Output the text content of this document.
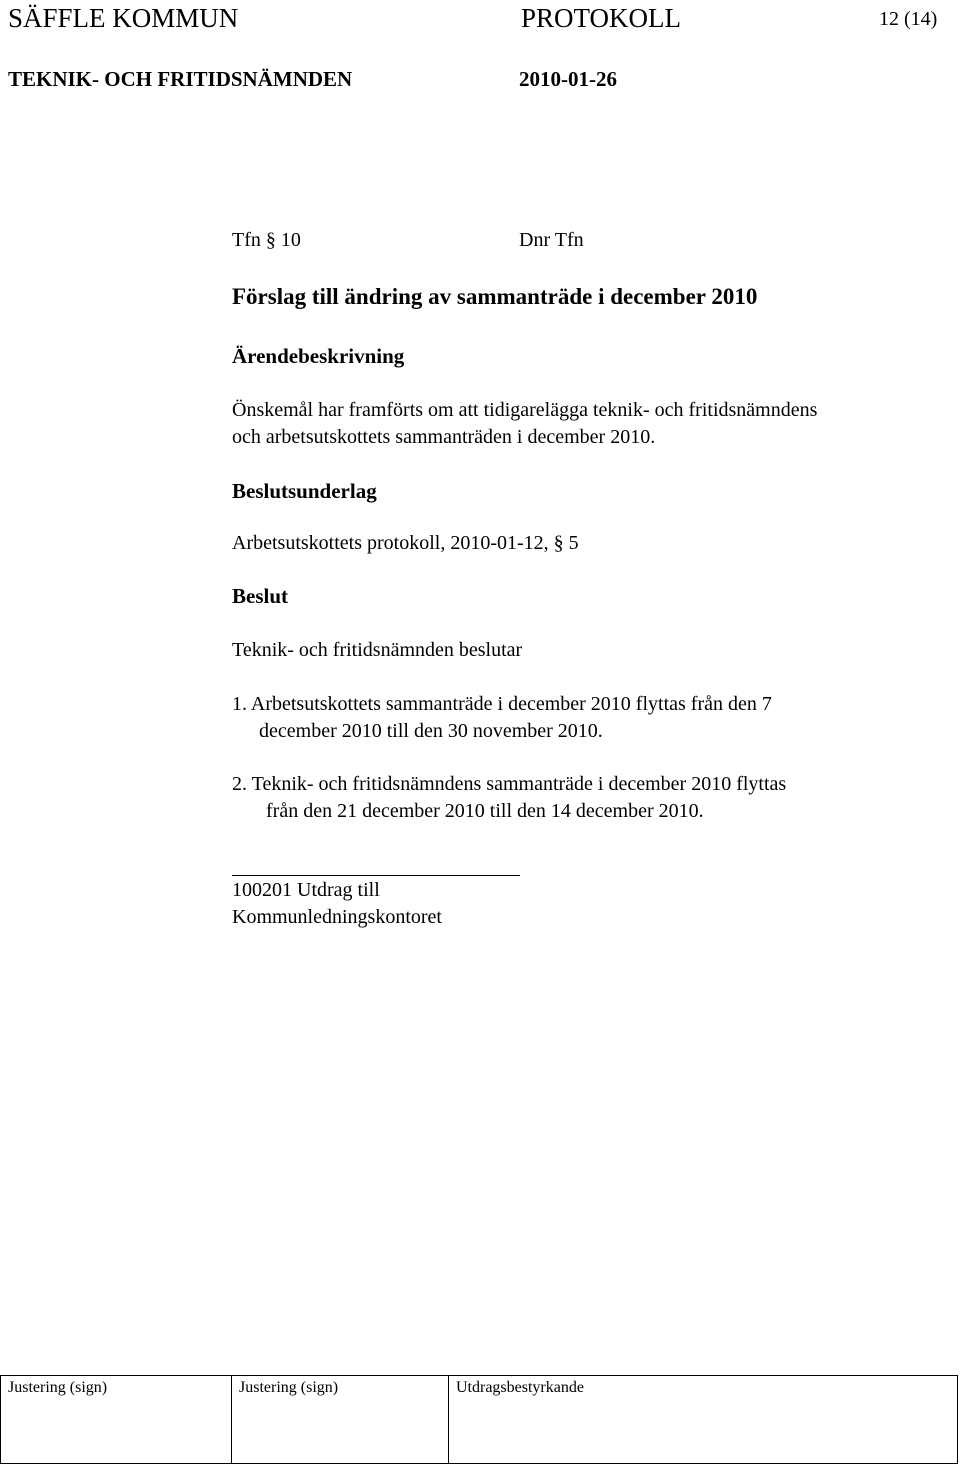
SÄFFLE KOMMUN	PROTOKOLL	12 (14)
TEKNIK- OCH FRITIDSNÄMNDEN	2010-01-26
Tfn § 10	Dnr Tfn
Förslag till ändring av sammanträde i december 2010
Ärendebeskrivning
Önskemål har framförts om att tidigarelägga teknik- och fritidsnämndens
och arbetsutskottets sammanträden i december 2010.
Beslutsunderlag
Arbetsutskottets protokoll, 2010-01-12, § 5
Beslut
Teknik- och fritidsnämnden beslutar
1. Arbetsutskottets sammanträde i december 2010 flyttas från den 7
december 2010 till den 30 november 2010.
2. Teknik- och fritidsnämndens sammanträde i december 2010 flyttas
från den 21 december 2010 till den 14 december 2010.
100201 Utdrag till
Kommunledningskontoret
Justering (sign)	Justering (sign)	Utdragsbestyrkande
